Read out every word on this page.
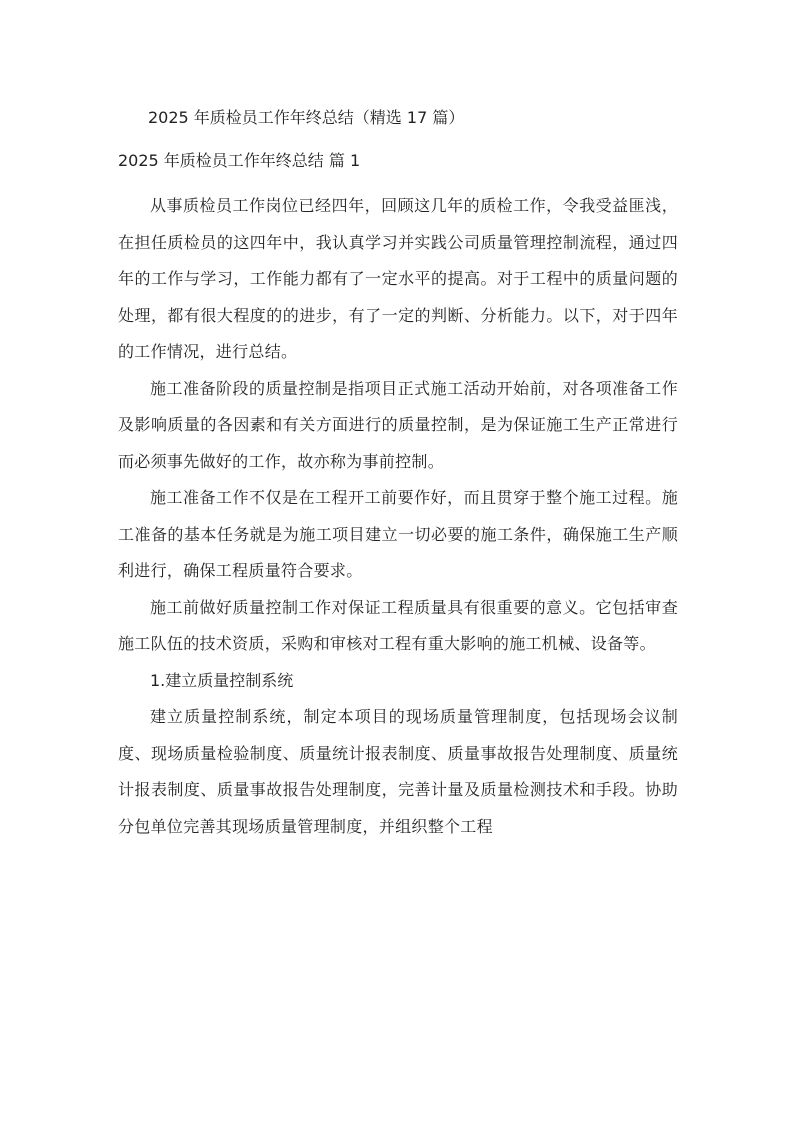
2025 年质检员工作年终总结（精选 17 篇）
2025 年质检员工作年终总结 篇 1

从事质检员工作岗位已经四年，回顾这几年的质检工作，令我受益匪浅，在担任质检员的这四年中，我认真学习并实践公司质量管理控制流程，通过四年的工作与学习，工作能力都有了一定水平的提高。对于工程中的质量问题的处理，都有很大程度的的进步，有了一定的判断、分析能力。以下，对于四年的工作情况，进行总结。

施工准备阶段的质量控制是指项目正式施工活动开始前，对各项准备工作及影响质量的各因素和有关方面进行的质量控制，是为保证施工生产正常进行而必须事先做好的工作，故亦称为事前控制。

施工准备工作不仅是在工程开工前要作好，而且贯穿于整个施工过程。施工准备的基本任务就是为施工项目建立一切必要的施工条件，确保施工生产顺利进行，确保工程质量符合要求。

施工前做好质量控制工作对保证工程质量具有很重要的意义。它包括审查施工队伍的技术资质，采购和审核对工程有重大影响的施工机械、设备等。

1.建立质量控制系统

建立质量控制系统，制定本项目的现场质量管理制度，包括现场会议制度、现场质量检验制度、质量统计报表制度、质量事故报告处理制度、质量统计报表制度、质量事故报告处理制度，完善计量及质量检测技术和手段。协助分包单位完善其现场质量管理制度，并组织整个工程
